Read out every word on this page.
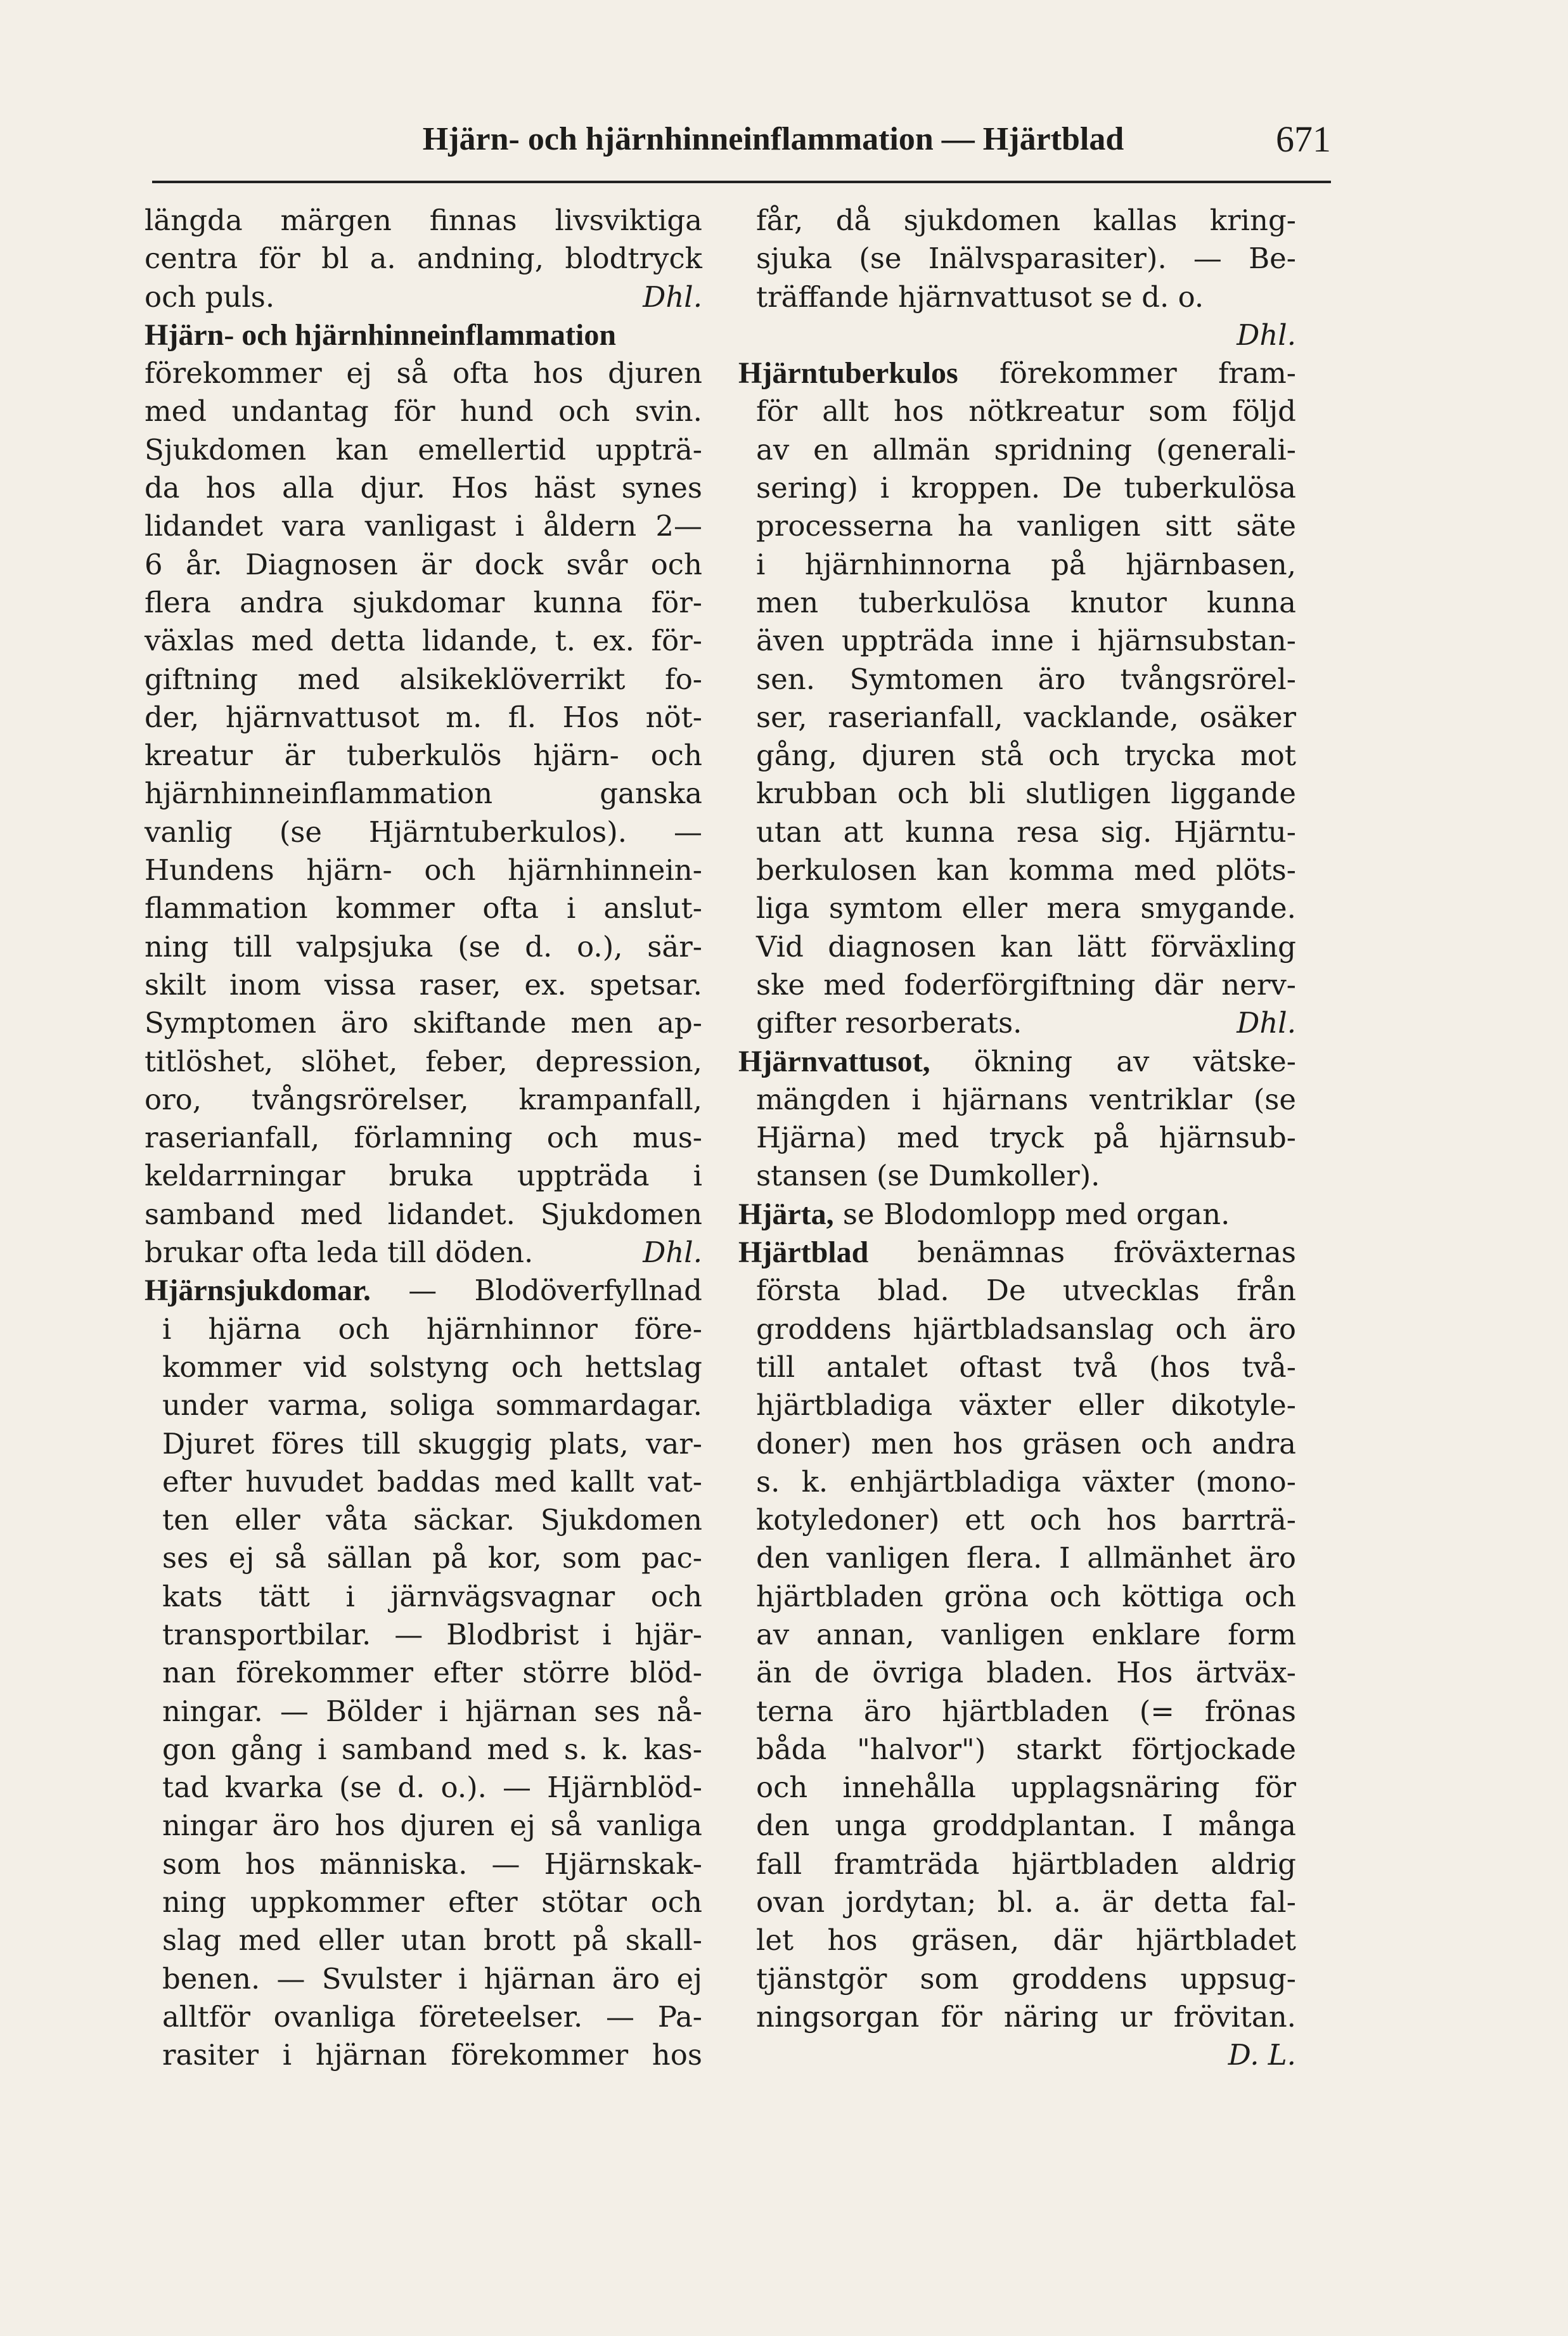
Hjärn- och hjärnhinneinflammation — Hjärtblad	671
längda märgen finnas livsviktiga
centra för bl a. andning, blodtryck
och puls.	Dhl.
Hjärn- och hjärnhinneinflammation
förekommer ej så ofta hos djuren
med undantag för hund och svin.
Sjukdomen kan emellertid uppträ-
da hos alla djur. Hos häst synes
lidandet vara vanligast i åldern 2—
6 år. Diagnosen är dock svår och
flera andra sjukdomar kunna för-
växlas med detta lidande, t. ex. för-
giftning med alsikeklöverrikt fo-
der, hjärnvattusot m. fl. Hos nöt-
kreatur är tuberkulös hjärn- och
hjärnhinneinflammation	ganska
vanlig (se Hjärntuberkulos). —
Hundens hjärn- och hjärnhinnein-
flammation kommer ofta i anslut-
ning till valpsjuka (se d. o.), sär-
skilt inom vissa raser, ex. spetsar.
Symptomen äro skiftande men ap-
titlöshet, slöhet, feber, depression,
oro, tvångsrörelser, krampanfall,
raserianfall, förlamning och mus-
keldarrningar bruka uppträda i
samband med lidandet. Sjukdomen
brukar ofta leda till döden.	Dhl.
Hjärnsjukdomar. — Blodöverfyllnad
i hjärna och hjärnhinnor före-
kommer vid solstyng och hettslag
under varma, soliga sommardagar.
Djuret föres till skuggig plats, var-
efter huvudet baddas med kallt vat-
ten eller våta säckar. Sjukdomen
ses ej så sällan på kor, som pac-
kats tätt i järnvägsvagnar och
transportbilar. — Blodbrist i hjär-
nan förekommer efter större blöd-
ningar. — Bölder i hjärnan ses nå-
gon gång i samband med s. k. kas-
tad kvarka (se d. o.). — Hjärnblöd-
ningar äro hos djuren ej så vanliga
som hos människa. — Hjärnskak-
ning uppkommer efter stötar och
slag med eller utan brott på skall-
benen. — Svulster i hjärnan äro ej
alltför ovanliga företeelser. — Pa-
rasiter i hjärnan förekommer hos
får, då sjukdomen kallas kring-
sjuka (se Inälvsparasiter). — Be-
träffande hjärnvattusot se d. o.
Dhl.
Hjärntuberkulos förekommer fram-
för allt hos nötkreatur som följd
av en allmän spridning (generali-
sering) i kroppen. De tuberkulösa
processerna ha vanligen sitt säte
i hjärnhinnorna på hjärnbasen,
men tuberkulösa knutor kunna
även uppträda inne i hjärnsubstan-
sen. Symtomen äro tvångsrörel-
ser, raserianfall, vacklande, osäker
gång, djuren stå och trycka mot
krubban och bli slutligen liggande
utan att kunna resa sig. Hjärntu-
berkulosen kan komma med plöts-
liga symtom eller mera smygande.
Vid diagnosen kan lätt förväxling
ske med foderförgiftning där nerv-
gifter resorberats.	Dhl.
Hjärnvattusot, ökning av vätske-
mängden i hjärnans ventriklar (se
Hjärna) med tryck på hjärnsub-
stansen (se Dumkoller).
Hjärta, se Blodomlopp med organ.
Hjärtblad benämnas fröväxternas
första blad. De utvecklas från
groddens hjärtbladsanslag och äro
till antalet oftast två (hos två-
hjärtbladiga växter eller dikotyle-
doner) men hos gräsen och andra
s. k. enhjärtbladiga växter (mono-
kotyledoner) ett och hos barrträ-
den vanligen flera. I allmänhet äro
hjärtbladen gröna och köttiga och
av annan, vanligen enklare form
än de övriga bladen. Hos ärtväx-
terna äro hjärtbladen (= frönas
båda "halvor") starkt förtjockade
och innehålla upplagsnäring för
den unga groddplantan. I många
fall framträda hjärtbladen aldrig
ovan jordytan; bl. a. är detta fal-
let hos gräsen, där hjärtbladet
tjänstgör som groddens uppsug-
ningsorgan för näring ur frövitan.
D. L.
